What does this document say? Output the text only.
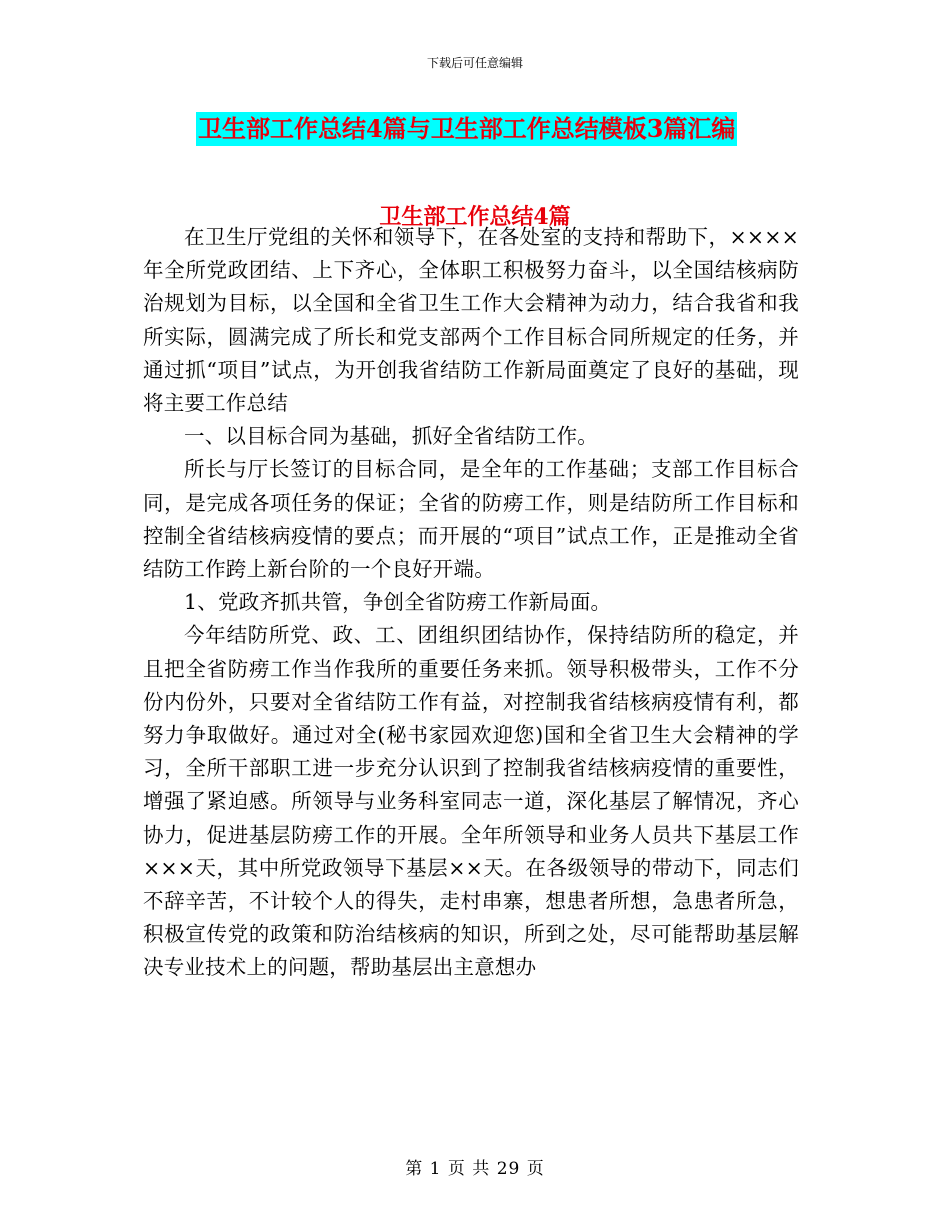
下载后可任意编辑
卫生部工作总结4篇与卫生部工作总结模板3篇汇编
卫生部工作总结4篇

在卫生厅党组的关怀和领导下，在各处室的支持和帮助下，××××年全所党政团结、上下齐心，全体职工积极努力奋斗，以全国结核病防治规划为目标，以全国和全省卫生工作大会精神为动力，结合我省和我所实际，圆满完成了所长和党支部两个工作目标合同所规定的任务，并通过抓“项目”试点，为开创我省结防工作新局面奠定了良好的基础，现将主要工作总结

一、以目标合同为基础，抓好全省结防工作。

所长与厅长签订的目标合同，是全年的工作基础；支部工作目标合同，是完成各项任务的保证；全省的防痨工作，则是结防所工作目标和控制全省结核病疫情的要点；而开展的“项目”试点工作，正是推动全省结防工作跨上新台阶的一个良好开端。

1、党政齐抓共管，争创全省防痨工作新局面。

今年结防所党、政、工、团组织团结协作，保持结防所的稳定，并且把全省防痨工作当作我所的重要任务来抓。领导积极带头，工作不分份内份外，只要对全省结防工作有益，对控制我省结核病疫情有利，都努力争取做好。通过对全(秘书家园欢迎您)国和全省卫生大会精神的学习，全所干部职工进一步充分认识到了控制我省结核病疫情的重要性，增强了紧迫感。所领导与业务科室同志一道，深化基层了解情况，齐心协力，促进基层防痨工作的开展。全年所领导和业务人员共下基层工作×××天，其中所党政领导下基层××天。在各级领导的带动下，同志们不辞辛苦，不计较个人的得失，走村串寨，想患者所想，急患者所急，积极宣传党的政策和防治结核病的知识，所到之处，尽可能帮助基层解决专业技术上的问题，帮助基层出主意想办

第 1 页 共 29 页
